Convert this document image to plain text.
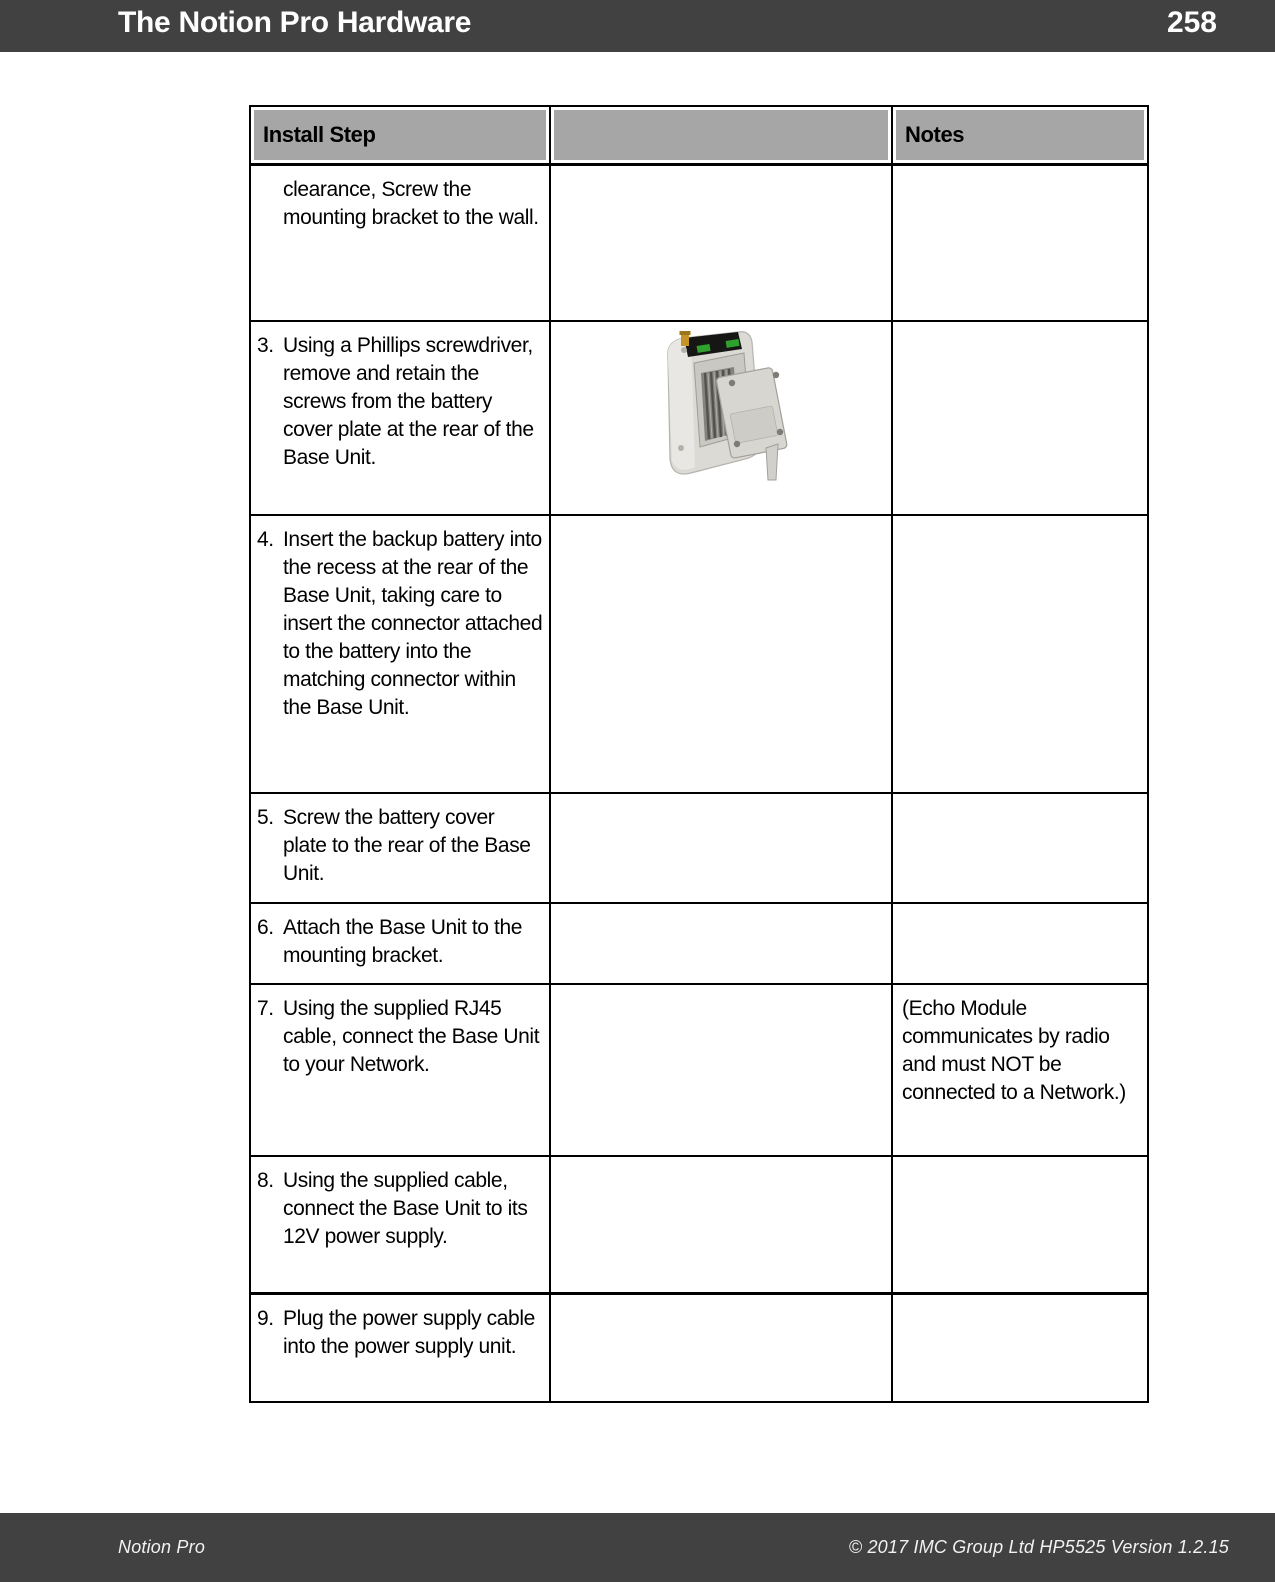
The Notion Pro Hardware	258
Install Step		Notes

clearance, Screw the mounting bracket to the wall.		

3. Using a Phillips screwdriver, remove and retain the screws from the battery cover plate at the rear of the Base Unit.

4. Insert the backup battery into the recess at the rear of the Base Unit, taking care to insert the connector attached to the battery into the matching connector within the Base Unit.		

5. Screw the battery cover plate to the rear of the Base Unit.		

6. Attach the Base Unit to the mounting bracket.		

7. Using the supplied RJ45 cable, connect the Base Unit to your Network.		(Echo Module communicates by radio and must NOT be connected to a Network.)

8. Using the supplied cable, connect the Base Unit to its 12V power supply.		

9. Plug the power supply cable into the power supply unit.		

Notion Pro	© 2017 IMC Group Ltd HP5525 Version 1.2.15
